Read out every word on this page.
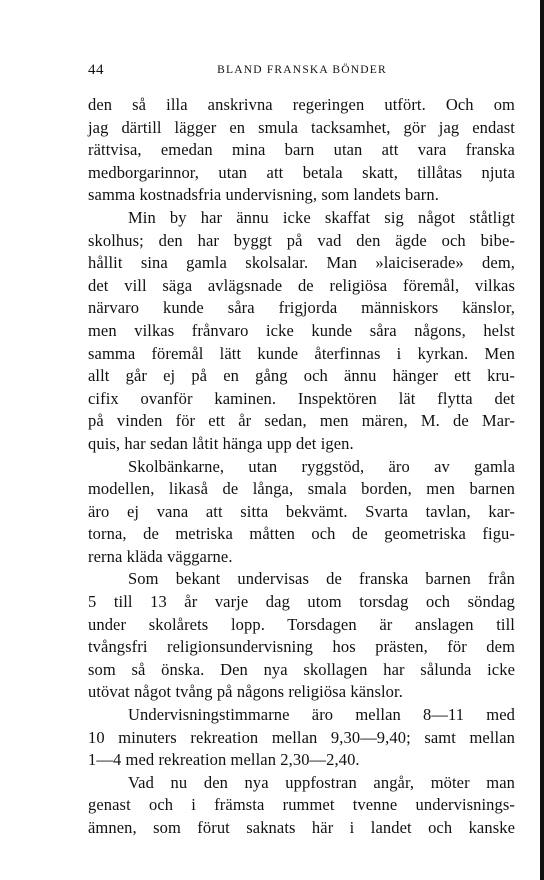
44	BLAND FRANSKA BÖNDER
den så illa anskrivna regeringen utfört. Och om
jag därtill lägger en smula tacksamhet, gör jag endast
rättvisa, emedan mina barn utan att vara franska
medborgarinnor, utan att betala skatt, tillåtas njuta
samma kostnadsfria undervisning, som landets barn.
Min by har ännu icke skaffat sig något ståtligt
skolhus; den har byggt på vad den ägde och bibe-
hållit sina gamla skolsalar. Man »laiciserade» dem,
det vill säga avlägsnade de religiösa föremål, vilkas
närvaro kunde såra frigjorda människors känslor,
men vilkas frånvaro icke kunde såra någons, helst
samma föremål lätt kunde återfinnas i kyrkan. Men
allt går ej på en gång och ännu hänger ett kru-
cifix ovanför kaminen. Inspektören lät flytta det
på vinden för ett år sedan, men mären, M. de Mar-
quis, har sedan låtit hänga upp det igen.
Skolbänkarne, utan ryggstöd, äro av gamla
modellen, likaså de långa, smala borden, men barnen
äro ej vana att sitta bekvämt. Svarta tavlan, kar-
torna, de metriska måtten och de geometriska figu-
rerna kläda väggarne.
Som bekant undervisas de franska barnen från
5 till 13 år varje dag utom torsdag och söndag
under skolårets lopp. Torsdagen är anslagen till
tvångsfri religionsundervisning hos prästen, för dem
som så önska. Den nya skollagen har sålunda icke
utövat något tvång på någons religiösa känslor.
Undervisningstimmarne äro mellan 8—11 med
10 minuters rekreation mellan 9,30—9,40; samt mellan
1—4 med rekreation mellan 2,30—2,40.
Vad nu den nya uppfostran angår, möter man
genast och i främsta rummet tvenne undervisnings-
ämnen, som förut saknats här i landet och kanske
